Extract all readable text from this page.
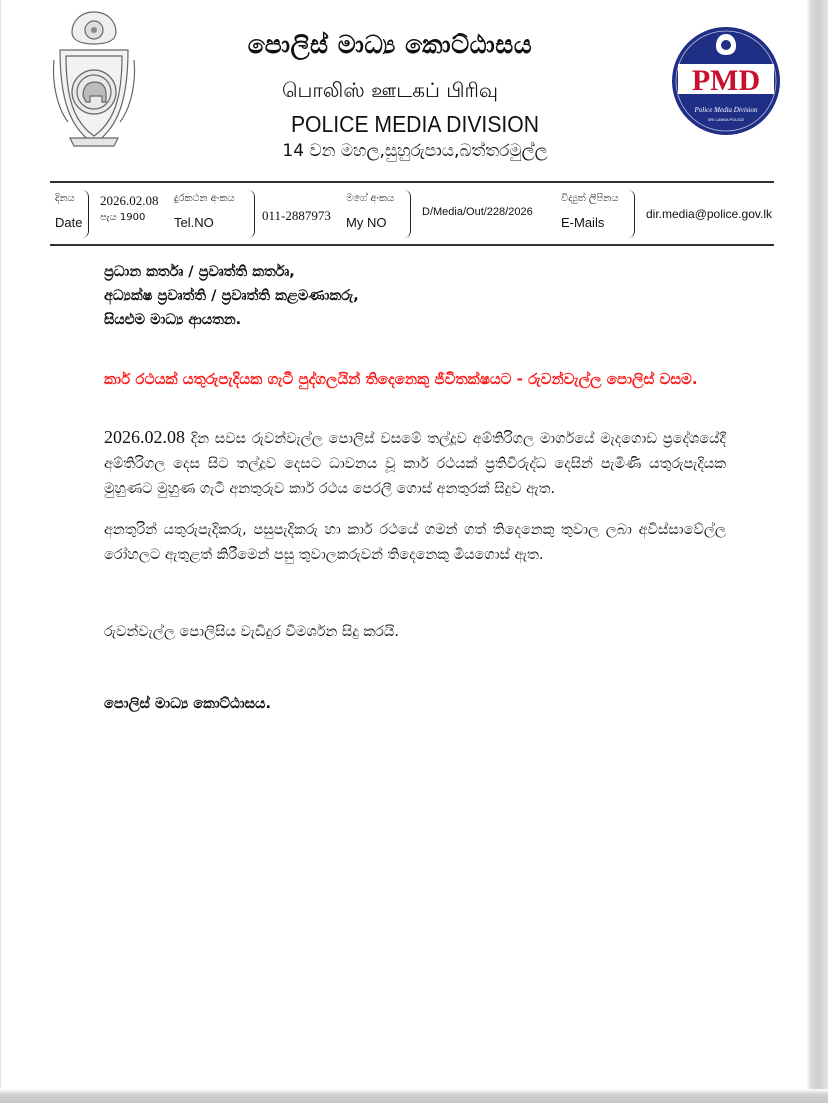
PMD
Police Media Division
SRI LANKA POLICE
පොලිස් මාධ්‍ය කොට්ඨාසය
பொலிஸ் ஊடகப் பிரிவு
POLICE MEDIA DIVISION
14 වන මහල,සුහුරුපාය,බත්තරමුල්ල
දිනය
Date
2026.02.08
පැය 1900
දුරකථන අංකය
Tel.NO	011-2887973
මගේ අංකය
My NO
D/Media/Out/228/2026
විද්‍යුත් ලිපිනය
E-Mails
dir.media@police.gov.lk
ප්‍රධාන කර්තෘ / ප්‍රවෘත්ති කර්තෘ,
අධ්‍යක්ෂ ප්‍රවෘත්ති / ප්‍රවෘත්ති කළමණාකරු,
සියළුම මාධ්‍ය ආයතන.
කාර් රථයක් යතුරුපැදියක ගැටී පුද්ගලයින් තිදෙනෙකු ජීවිතක්ෂයට - රුවන්වැල්ල පොලිස් වසම.
2026.02.08 දින සවස රුවන්වැල්ල පොලිස් වසමේ තල්දූව අම්තිරිගල මාර්ගයේ මැදගොඩ ප්‍රදේශයේදී අම්තිරිගල දෙස සිට තල්දූව දෙසට ධාවනය වූ කාර් රථයක් ප්‍රතිවිරුද්ධ දෙසින් පැමිණි යතුරුපැදියක මුහුණට මුහුණ ගැටී අනතුරුව කාර් රථය පෙරලී ගොස් අනතුරක් සිදුව ඇත.
අනතුරින් යතුරුපැදිකරු, පසුපැදිකරු හා කාර් රථයේ ගමන් ගත් තිදෙනෙකු තුවාල ලබා අවිස්සාවේල්ල රෝහලට ඇතුළත් කිරීමෙන් පසු තුවාලකරුවන් තිදෙනෙකු මියගොස් ඇත.
රුවන්වැල්ල පොලිසිය වැඩිදුර විමර්ශන සිදු කරයි.
පොලිස් මාධ්‍ය කොට්ඨාසය.
